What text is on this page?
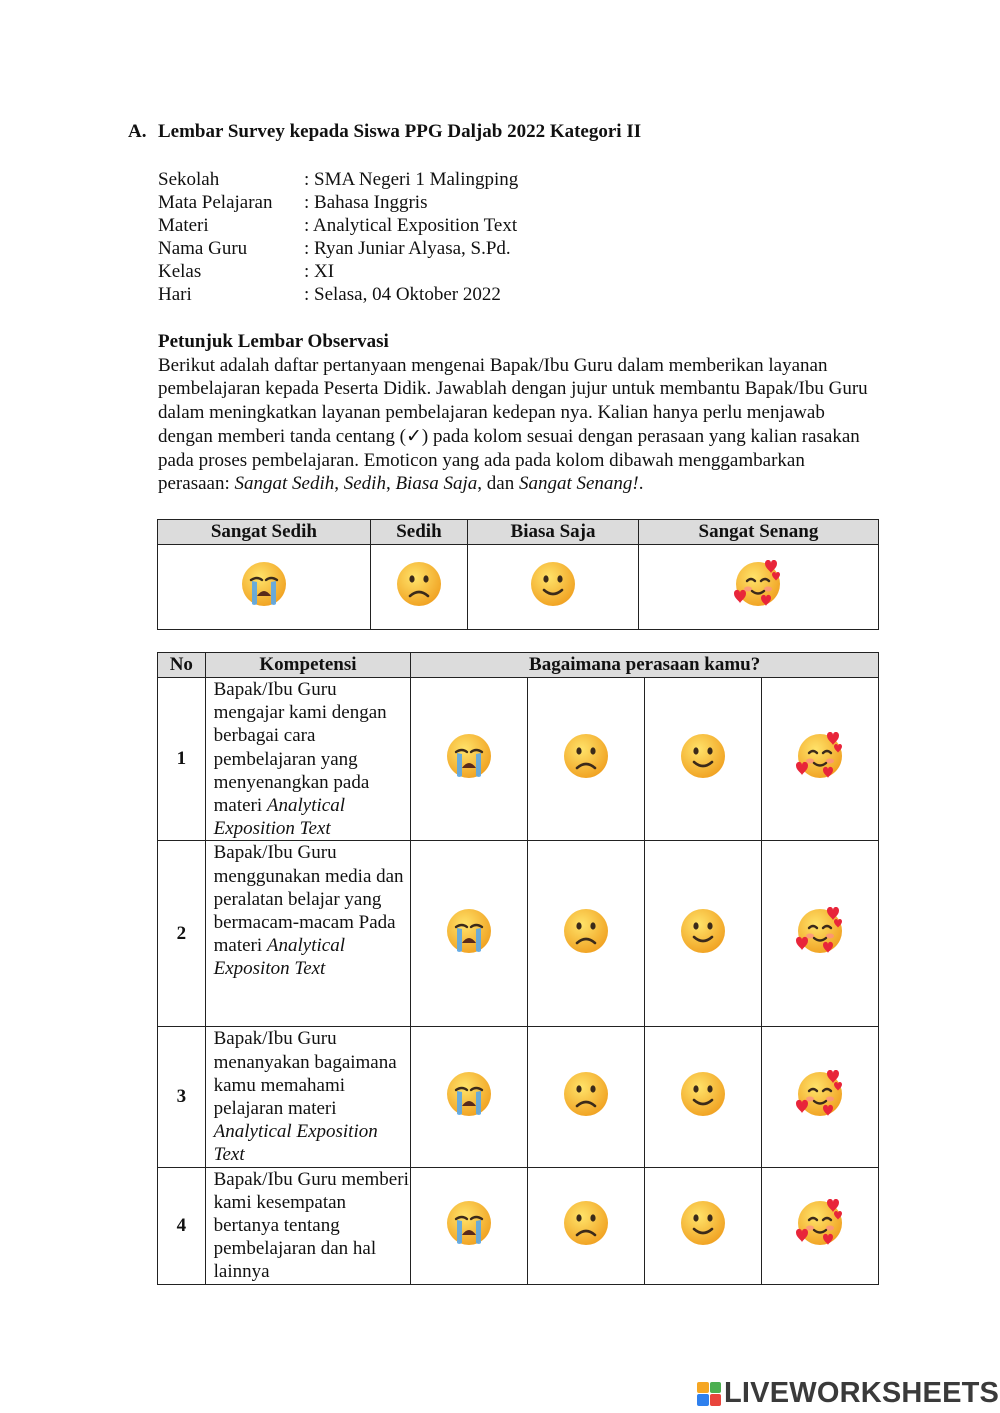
A. Lembar Survey kepada Siswa PPG Daljab 2022 Kategori II
Sekolah	: SMA Negeri 1 Malingping
Mata Pelajaran	: Bahasa Inggris
Materi	: Analytical Exposition Text
Nama Guru	: Ryan Juniar Alyasa, S.Pd.
Kelas	: XI
Hari	: Selasa, 04 Oktober 2022
Petunjuk Lembar Observasi
Berikut adalah daftar pertanyaan mengenai Bapak/Ibu Guru dalam memberikan layanan pembelajaran kepada Peserta Didik. Jawablah dengan jujur untuk membantu Bapak/Ibu Guru dalam meningkatkan layanan pembelajaran kedepan nya. Kalian hanya perlu menjawab dengan memberi tanda centang (✓) pada kolom sesuai dengan perasaan yang kalian rasakan pada proses pembelajaran. Emoticon yang ada pada kolom dibawah menggambarkan perasaan: Sangat Sedih, Sedih, Biasa Saja, dan Sangat Senang!.
Sangat Sedih	Sedih	Biasa Saja	Sangat Senang

No	Kompetensi	Bagaimana perasaan kamu?			
1	Bapak/Ibu Guru mengajar kami dengan berbagai cara pembelajaran yang menyenangkan pada materi Analytical Exposition Text				
2	Bapak/Ibu Guru menggunakan media dan peralatan belajar yang bermacam-macam Pada materi Analytical Expositon Text				
3	Bapak/Ibu Guru menanyakan bagaimana kamu memahami pelajaran materi Analytical Exposition Text				
4	Bapak/Ibu Guru memberi kami kesempatan bertanya tentang pembelajaran dan hal lainnya				
LIVEWORKSHEETS
